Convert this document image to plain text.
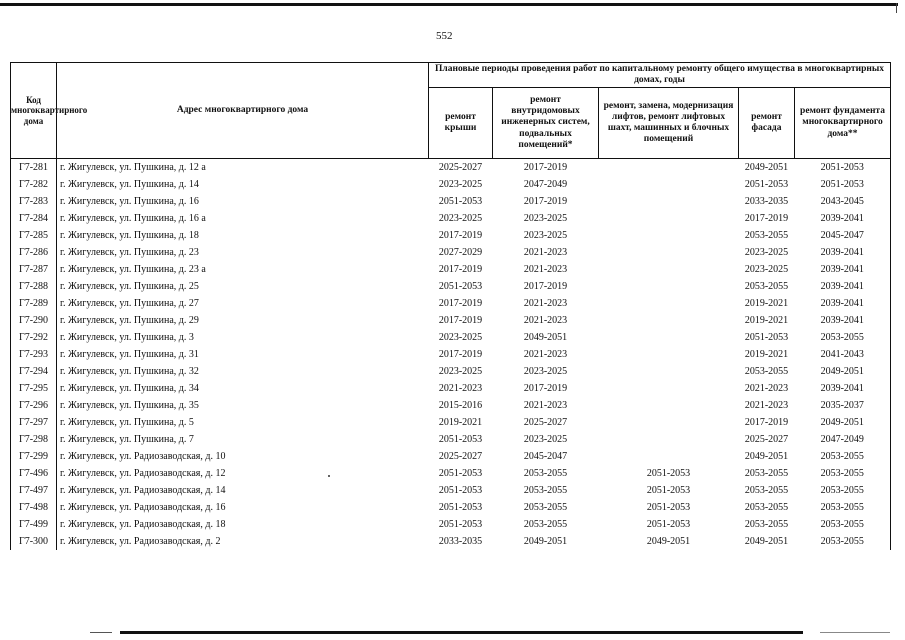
552
Код многоквартирного дома	Адрес многоквартирного дома	Плановые периоды проведения работ по капитальному ремонту общего имущества в многоквартирных домах, годы				
		ремонт крыши	ремонт внутридомовых инженерных систем, подвальных помещений*	ремонт, замена, модернизация лифтов, ремонт лифтовых шахт, машинных и блочных помещений	ремонт фасада	ремонт фундамента многоквартирного дома**
Г7-281	г. Жигулевск, ул. Пушкина, д. 12 а	2025-2027	2017-2019		2049-2051	2051-2053
Г7-282	г. Жигулевск, ул. Пушкина, д. 14	2023-2025	2047-2049		2051-2053	2051-2053
Г7-283	г. Жигулевск, ул. Пушкина, д. 16	2051-2053	2017-2019		2033-2035	2043-2045
Г7-284	г. Жигулевск, ул. Пушкина, д. 16 а	2023-2025	2023-2025		2017-2019	2039-2041
Г7-285	г. Жигулевск, ул. Пушкина, д. 18	2017-2019	2023-2025		2053-2055	2045-2047
Г7-286	г. Жигулевск, ул. Пушкина, д. 23	2027-2029	2021-2023		2023-2025	2039-2041
Г7-287	г. Жигулевск, ул. Пушкина, д. 23 а	2017-2019	2021-2023		2023-2025	2039-2041
Г7-288	г. Жигулевск, ул. Пушкина, д. 25	2051-2053	2017-2019		2053-2055	2039-2041
Г7-289	г. Жигулевск, ул. Пушкина, д. 27	2017-2019	2021-2023		2019-2021	2039-2041
Г7-290	г. Жигулевск, ул. Пушкина, д. 29	2017-2019	2021-2023		2019-2021	2039-2041
Г7-292	г. Жигулевск, ул. Пушкина, д. 3	2023-2025	2049-2051		2051-2053	2053-2055
Г7-293	г. Жигулевск, ул. Пушкина, д. 31	2017-2019	2021-2023		2019-2021	2041-2043
Г7-294	г. Жигулевск, ул. Пушкина, д. 32	2023-2025	2023-2025		2053-2055	2049-2051
Г7-295	г. Жигулевск, ул. Пушкина, д. 34	2021-2023	2017-2019		2021-2023	2039-2041
Г7-296	г. Жигулевск, ул. Пушкина, д. 35	2015-2016	2021-2023		2021-2023	2035-2037
Г7-297	г. Жигулевск, ул. Пушкина, д. 5	2019-2021	2025-2027		2017-2019	2049-2051
Г7-298	г. Жигулевск, ул. Пушкина, д. 7	2051-2053	2023-2025		2025-2027	2047-2049
Г7-299	г. Жигулевск, ул. Радиозаводская, д. 10	2025-2027	2045-2047		2049-2051	2053-2055
Г7-496	г. Жигулевск, ул. Радиозаводская, д. 12	2051-2053	2053-2055	2051-2053	2053-2055	2053-2055
Г7-497	г. Жигулевск, ул. Радиозаводская, д. 14	2051-2053	2053-2055	2051-2053	2053-2055	2053-2055
Г7-498	г. Жигулевск, ул. Радиозаводская, д. 16	2051-2053	2053-2055	2051-2053	2053-2055	2053-2055
Г7-499	г. Жигулевск, ул. Радиозаводская, д. 18	2051-2053	2053-2055	2051-2053	2053-2055	2053-2055
Г7-300	г. Жигулевск, ул. Радиозаводская, д. 2	2033-2035	2049-2051	2049-2051	2049-2051	2053-2055
